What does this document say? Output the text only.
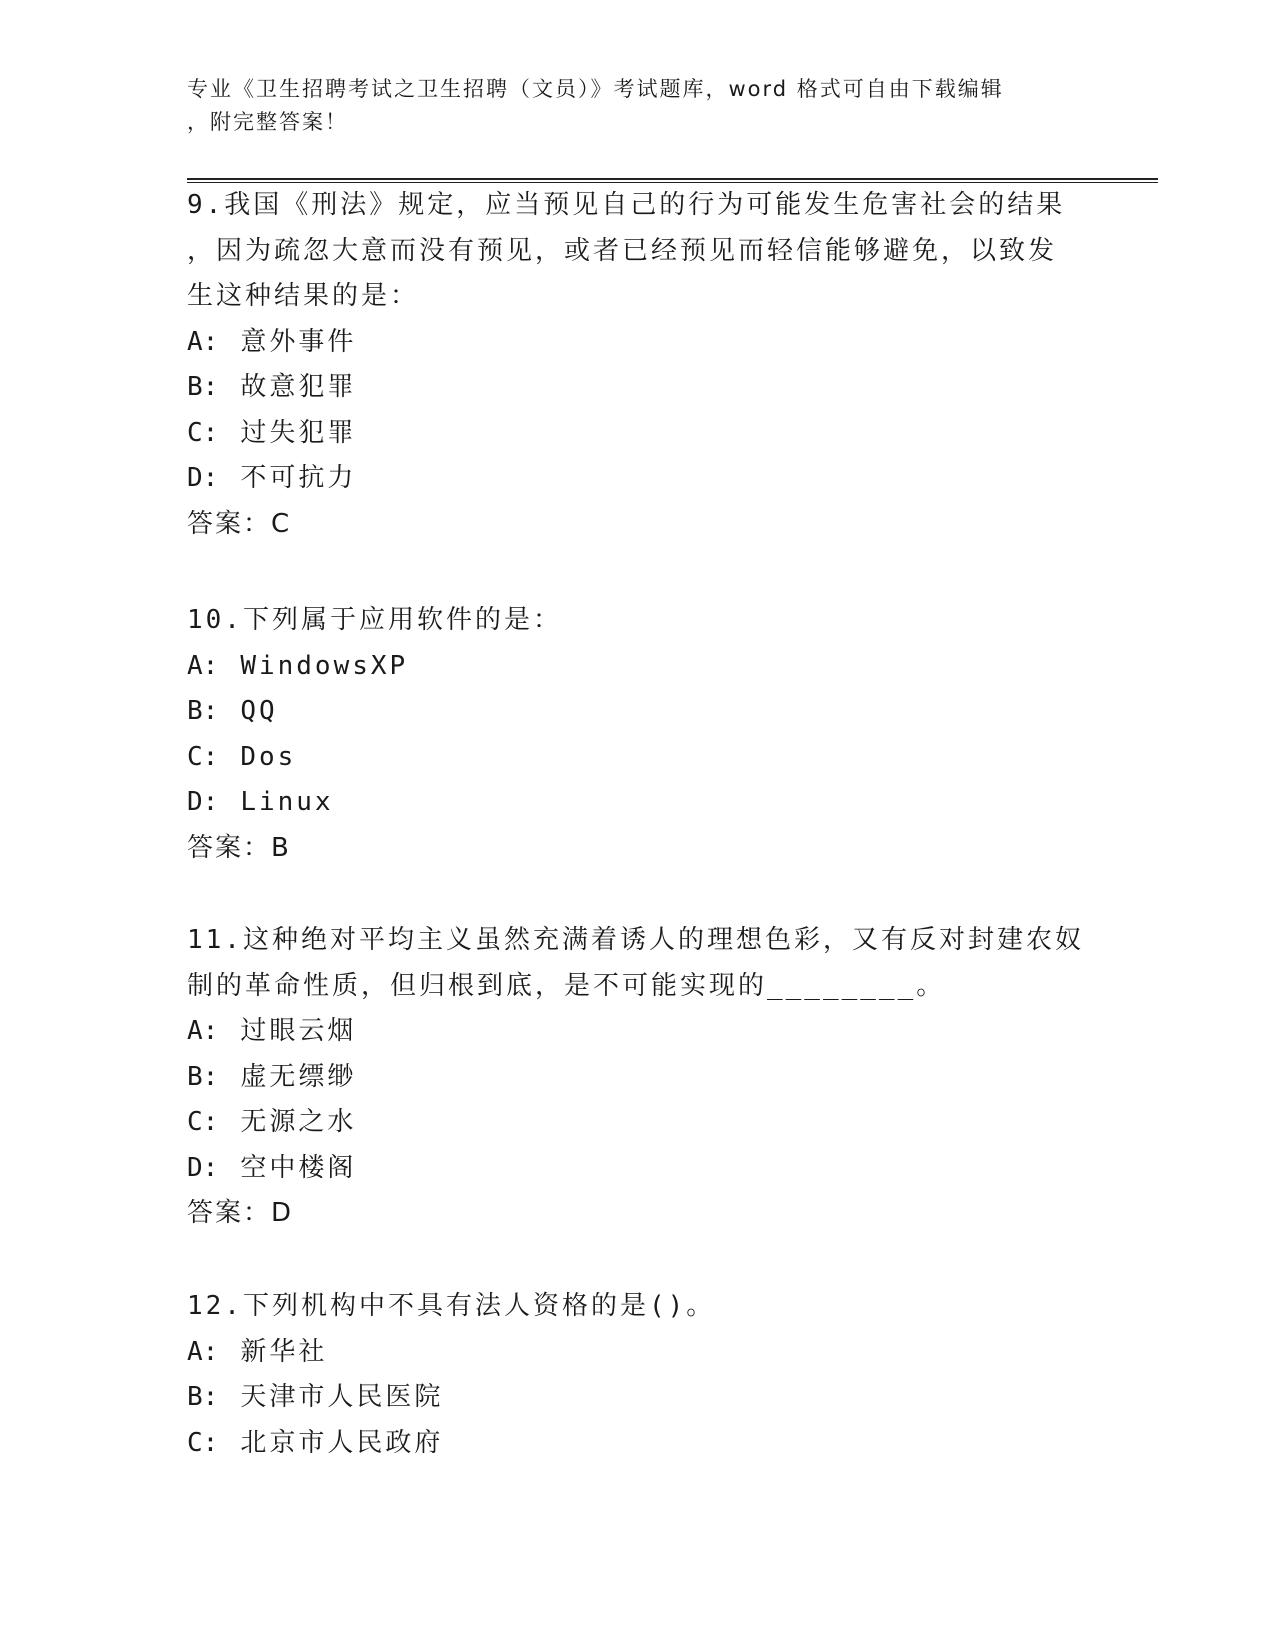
专业《卫生招聘考试之卫生招聘（文员）》考试题库，word 格式可自由下载编辑
，附完整答案！
9.我国《刑法》规定，应当预见自己的行为可能发生危害社会的结果
，因为疏忽大意而没有预见，或者已经预见而轻信能够避免，以致发
生这种结果的是：
A: 意外事件
B: 故意犯罪
C: 过失犯罪
D: 不可抗力
答案：C
10.下列属于应用软件的是：
A: WindowsXP
B: QQ
C: Dos
D: Linux
答案：B
11.这种绝对平均主义虽然充满着诱人的理想色彩，又有反对封建农奴
制的革命性质，但归根到底，是不可能实现的________。
A: 过眼云烟
B: 虚无缥缈
C: 无源之水
D: 空中楼阁
答案：D
12.下列机构中不具有法人资格的是()。
A: 新华社
B: 天津市人民医院
C: 北京市人民政府
